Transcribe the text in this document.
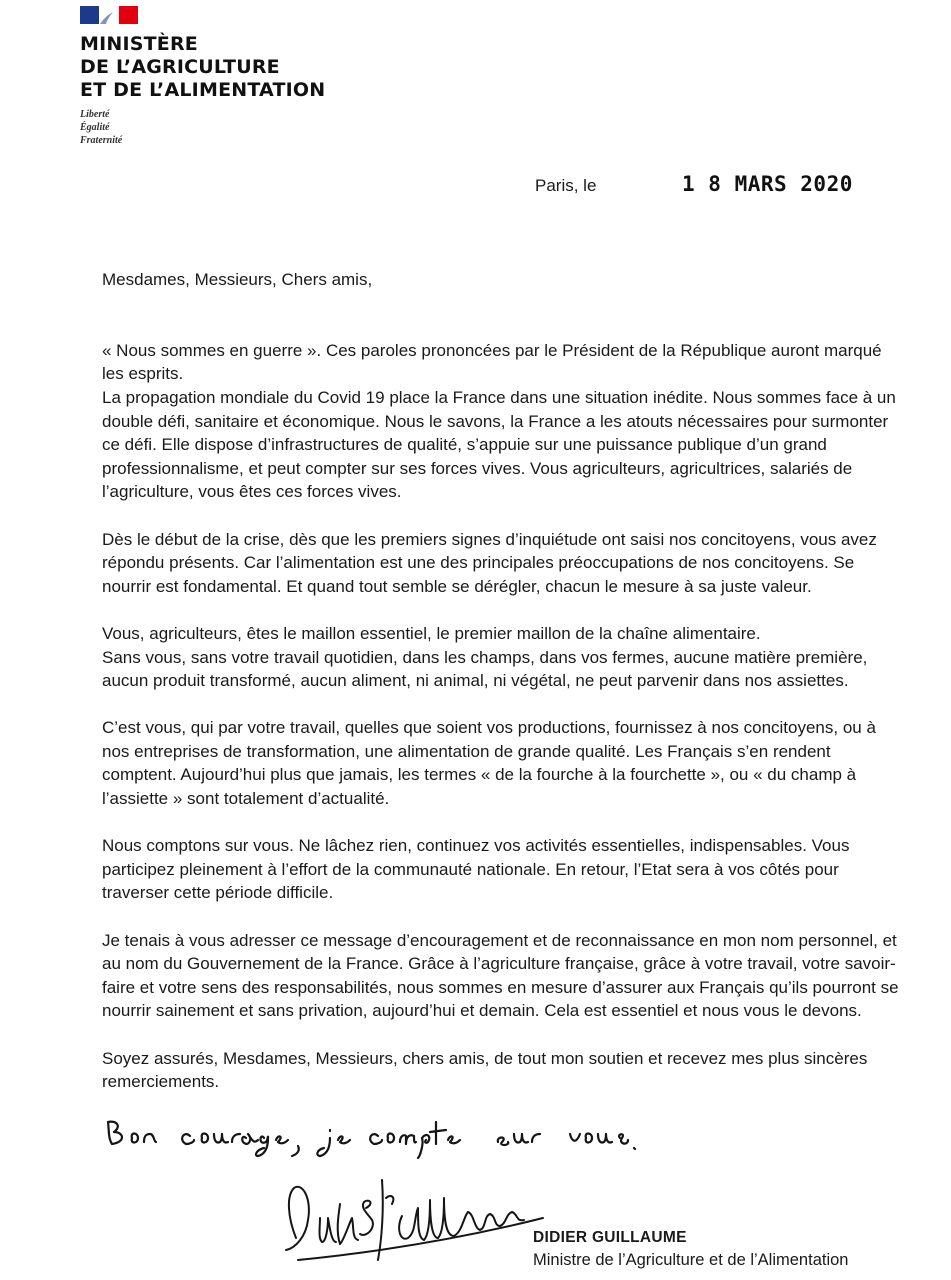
MINISTÈRE
DE L’AGRICULTURE
ET DE L’ALIMENTATION
Liberté
Égalité
Fraternité
Paris, le	1 8 MARS 2020

Mesdames, Messieurs, Chers amis,

« Nous sommes en guerre ». Ces paroles prononcées par le Président de la République auront marqué les esprits.

La propagation mondiale du Covid 19 place la France dans une situation inédite. Nous sommes face à un double défi, sanitaire et économique. Nous le savons, la France a les atouts nécessaires pour surmonter ce défi. Elle dispose d’infrastructures de qualité, s’appuie sur une puissance publique d’un grand professionnalisme, et peut compter sur ses forces vives. Vous agriculteurs, agricultrices, salariés de l’agriculture, vous êtes ces forces vives.

Dès le début de la crise, dès que les premiers signes d’inquiétude ont saisi nos concitoyens, vous avez répondu présents. Car l’alimentation est une des principales préoccupations de nos concitoyens. Se nourrir est fondamental. Et quand tout semble se dérégler, chacun le mesure à sa juste valeur.

Vous, agriculteurs, êtes le maillon essentiel, le premier maillon de la chaîne alimentaire.

Sans vous, sans votre travail quotidien, dans les champs, dans vos fermes, aucune matière première, aucun produit transformé, aucun aliment, ni animal, ni végétal, ne peut parvenir dans nos assiettes.

C’est vous, qui par votre travail, quelles que soient vos productions, fournissez à nos concitoyens, ou à nos entreprises de transformation, une alimentation de grande qualité. Les Français s’en rendent comptent. Aujourd’hui plus que jamais, les termes « de la fourche à la fourchette », ou « du champ à l’assiette » sont totalement d’actualité.

Nous comptons sur vous. Ne lâchez rien, continuez vos activités essentielles, indispensables. Vous participez pleinement à l’effort de la communauté nationale. En retour, l’Etat sera à vos côtés pour traverser cette période difficile.

Je tenais à vous adresser ce message d’encouragement et de reconnaissance en mon nom personnel, et au nom du Gouvernement de la France. Grâce à l’agriculture française, grâce à votre travail, votre savoir-faire et votre sens des responsabilités, nous sommes en mesure d’assurer aux Français qu’ils pourront se nourrir sainement et sans privation, aujourd’hui et demain. Cela est essentiel et nous vous le devons.

Soyez assurés, Mesdames, Messieurs, chers amis, de tout mon soutien et recevez mes plus sincères remerciements.

DIDIER GUILLAUME
Ministre de l’Agriculture et de l’Alimentation
